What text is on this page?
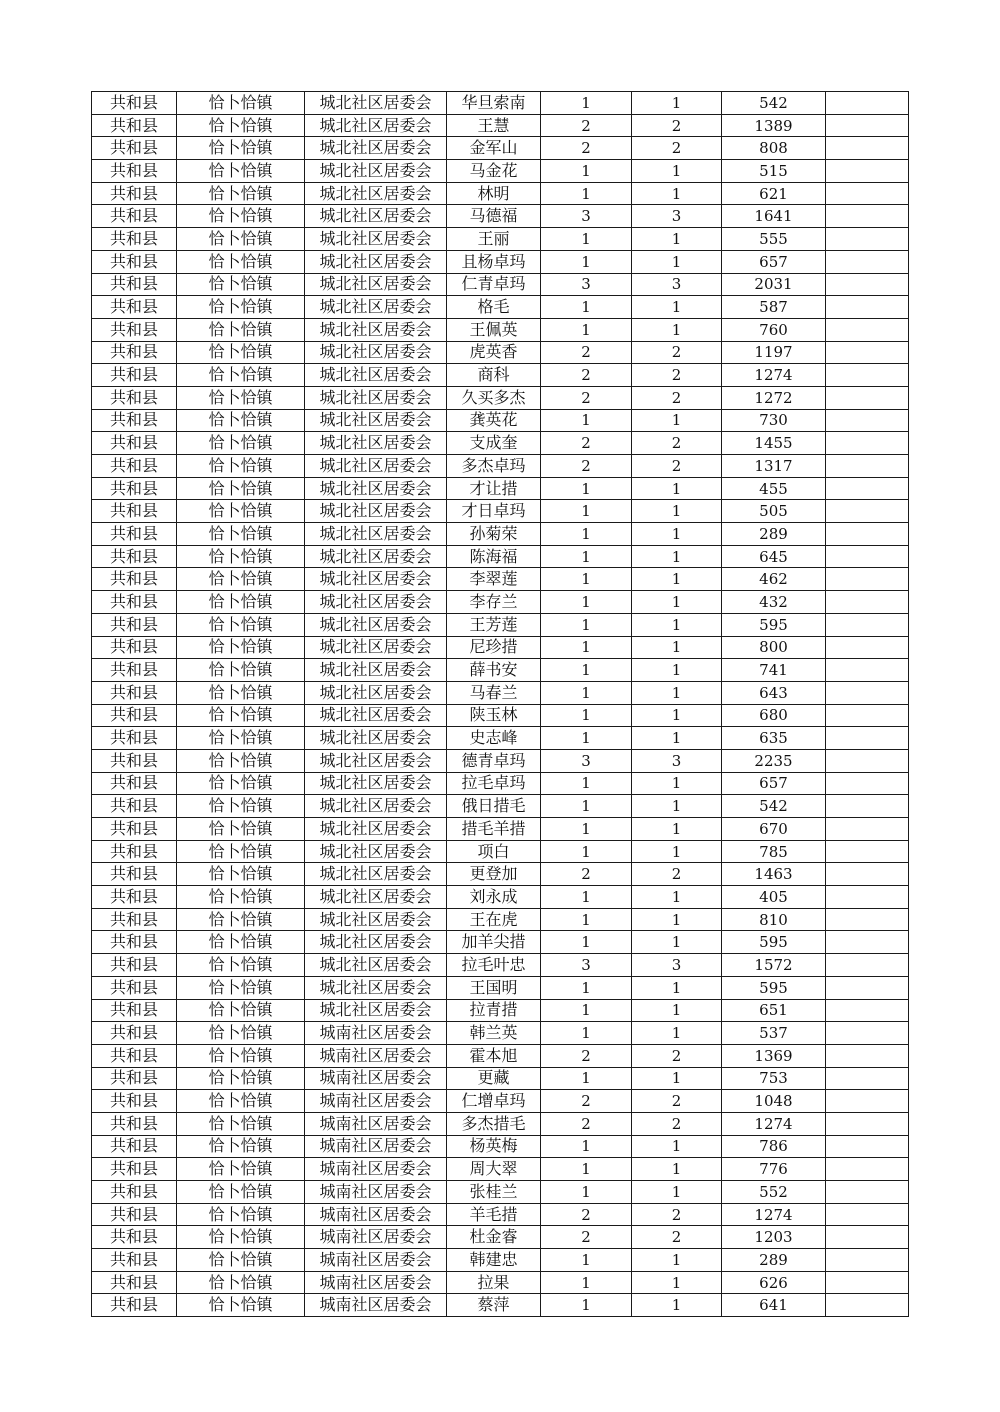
共和县	恰卜恰镇	城北社区居委会	华旦索南	1	1	542	
共和县	恰卜恰镇	城北社区居委会	王慧	2	2	1389	
共和县	恰卜恰镇	城北社区居委会	金军山	2	2	808	
共和县	恰卜恰镇	城北社区居委会	马金花	1	1	515	
共和县	恰卜恰镇	城北社区居委会	林明	1	1	621	
共和县	恰卜恰镇	城北社区居委会	马德福	3	3	1641	
共和县	恰卜恰镇	城北社区居委会	王丽	1	1	555	
共和县	恰卜恰镇	城北社区居委会	且杨卓玛	1	1	657	
共和县	恰卜恰镇	城北社区居委会	仁青卓玛	3	3	2031	
共和县	恰卜恰镇	城北社区居委会	格毛	1	1	587	
共和县	恰卜恰镇	城北社区居委会	王佩英	1	1	760	
共和县	恰卜恰镇	城北社区居委会	虎英香	2	2	1197	
共和县	恰卜恰镇	城北社区居委会	商科	2	2	1274	
共和县	恰卜恰镇	城北社区居委会	久买多杰	2	2	1272	
共和县	恰卜恰镇	城北社区居委会	龚英花	1	1	730	
共和县	恰卜恰镇	城北社区居委会	支成奎	2	2	1455	
共和县	恰卜恰镇	城北社区居委会	多杰卓玛	2	2	1317	
共和县	恰卜恰镇	城北社区居委会	才让措	1	1	455	
共和县	恰卜恰镇	城北社区居委会	才日卓玛	1	1	505	
共和县	恰卜恰镇	城北社区居委会	孙菊荣	1	1	289	
共和县	恰卜恰镇	城北社区居委会	陈海福	1	1	645	
共和县	恰卜恰镇	城北社区居委会	李翠莲	1	1	462	
共和县	恰卜恰镇	城北社区居委会	李存兰	1	1	432	
共和县	恰卜恰镇	城北社区居委会	王芳莲	1	1	595	
共和县	恰卜恰镇	城北社区居委会	尼珍措	1	1	800	
共和县	恰卜恰镇	城北社区居委会	薛书安	1	1	741	
共和县	恰卜恰镇	城北社区居委会	马春兰	1	1	643	
共和县	恰卜恰镇	城北社区居委会	陕玉林	1	1	680	
共和县	恰卜恰镇	城北社区居委会	史志峰	1	1	635	
共和县	恰卜恰镇	城北社区居委会	德青卓玛	3	3	2235	
共和县	恰卜恰镇	城北社区居委会	拉毛卓玛	1	1	657	
共和县	恰卜恰镇	城北社区居委会	俄日措毛	1	1	542	
共和县	恰卜恰镇	城北社区居委会	措毛羊措	1	1	670	
共和县	恰卜恰镇	城北社区居委会	项白	1	1	785	
共和县	恰卜恰镇	城北社区居委会	更登加	2	2	1463	
共和县	恰卜恰镇	城北社区居委会	刘永成	1	1	405	
共和县	恰卜恰镇	城北社区居委会	王在虎	1	1	810	
共和县	恰卜恰镇	城北社区居委会	加羊尖措	1	1	595	
共和县	恰卜恰镇	城北社区居委会	拉毛叶忠	3	3	1572	
共和县	恰卜恰镇	城北社区居委会	王国明	1	1	595	
共和县	恰卜恰镇	城北社区居委会	拉青措	1	1	651	
共和县	恰卜恰镇	城南社区居委会	韩兰英	1	1	537	
共和县	恰卜恰镇	城南社区居委会	霍本旭	2	2	1369	
共和县	恰卜恰镇	城南社区居委会	更藏	1	1	753	
共和县	恰卜恰镇	城南社区居委会	仁增卓玛	2	2	1048	
共和县	恰卜恰镇	城南社区居委会	多杰措毛	2	2	1274	
共和县	恰卜恰镇	城南社区居委会	杨英梅	1	1	786	
共和县	恰卜恰镇	城南社区居委会	周大翠	1	1	776	
共和县	恰卜恰镇	城南社区居委会	张桂兰	1	1	552	
共和县	恰卜恰镇	城南社区居委会	羊毛措	2	2	1274	
共和县	恰卜恰镇	城南社区居委会	杜金睿	2	2	1203	
共和县	恰卜恰镇	城南社区居委会	韩建忠	1	1	289	
共和县	恰卜恰镇	城南社区居委会	拉果	1	1	626	
共和县	恰卜恰镇	城南社区居委会	蔡萍	1	1	641	
